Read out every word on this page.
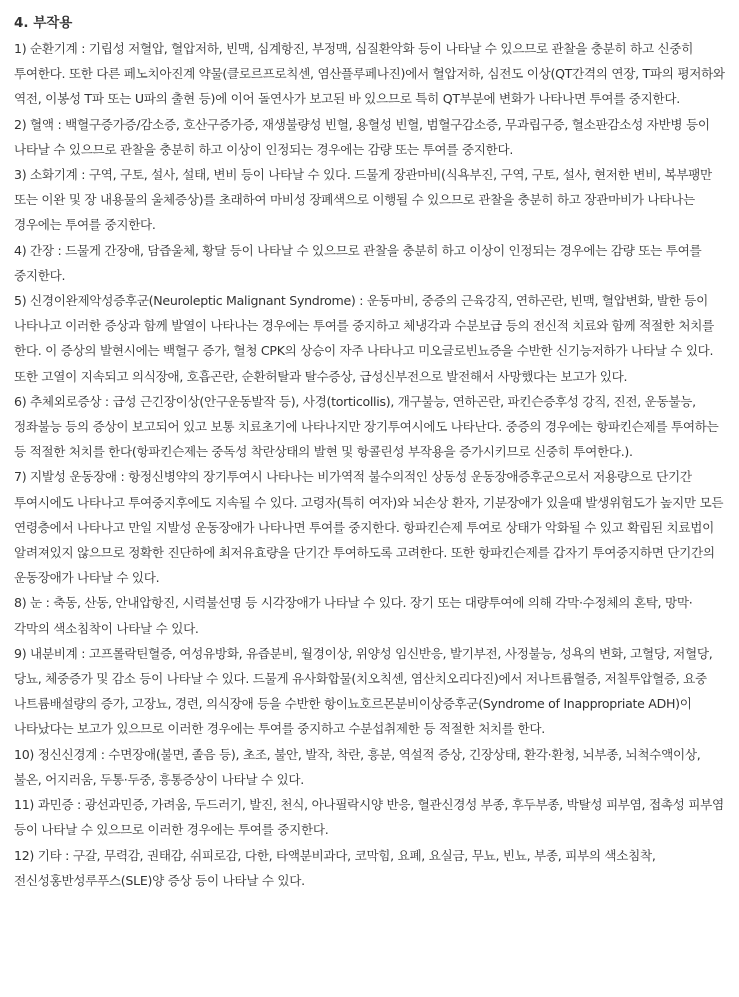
4. 부작용

1) 순환기계 : 기립성 저혈압, 혈압저하, 빈맥, 심계항진, 부정맥, 심질환악화 등이 나타날 수 있으므로 관찰을 충분히 하고 신중히 투여한다. 또한 다른 페노치아진계 약물(클로르프로칙센, 염산플루페나진)에서 혈압저하, 심전도 이상(QT간격의 연장, T파의 평저하와 역전, 이봉성 T파 또는 U파의 출현 등)에 이어 돌연사가 보고된 바 있으므로 특히 QT부분에 변화가 나타나면 투여를 중지한다.

2) 혈액 : 백혈구증가증/감소증, 호산구증가증, 재생불량성 빈혈, 용혈성 빈혈, 범혈구감소증, 무과립구증, 혈소판감소성 자반병 등이 나타날 수 있으므로 관찰을 충분히 하고 이상이 인정되는 경우에는 감량 또는 투여를 중지한다.

3) 소화기계 : 구역, 구토, 설사, 설태, 변비 등이 나타날 수 있다. 드물게 장관마비(식욕부진, 구역, 구토, 설사, 현저한 변비, 복부팽만 또는 이완 및 장 내용물의 울체증상)를 초래하여 마비성 장폐색으로 이행될 수 있으므로 관찰을 충분히 하고 장관마비가 나타나는 경우에는 투여를 중지한다.

4) 간장 : 드물게 간장애, 담즙울체, 황달 등이 나타날 수 있으므로 관찰을 충분히 하고 이상이 인정되는 경우에는 감량 또는 투여를 중지한다.

5) 신경이완제악성증후군(Neuroleptic Malignant Syndrome) : 운동마비, 중증의 근육강직, 연하곤란, 빈맥, 혈압변화, 발한 등이 나타나고 이러한 증상과 함께 발열이 나타나는 경우에는 투여를 중지하고 체냉각과 수분보급 등의 전신적 치료와 함께 적절한 처치를 한다. 이 증상의 발현시에는 백혈구 증가, 혈청 CPK의 상승이 자주 나타나고 미오글로빈뇨증을 수반한 신기능저하가 나타날 수 있다. 또한 고열이 지속되고 의식장애, 호흡곤란, 순환허탈과 탈수증상, 급성신부전으로 발전해서 사망했다는 보고가 있다.

6) 추체외로증상 : 급성 근긴장이상(안구운동발작 등), 사경(torticollis), 개구불능, 연하곤란, 파킨슨증후성 강직, 진전, 운동불능, 정좌불능 등의 증상이 보고되어 있고 보통 치료초기에 나타나지만 장기투여시에도 나타난다. 중증의 경우에는 항파킨슨제를 투여하는 등 적절한 처치를 한다(항파킨슨제는 중독성 착란상태의 발현 및 항콜린성 부작용을 증가시키므로 신중히 투여한다.).

7) 지발성 운동장애 : 항정신병약의 장기투여시 나타나는 비가역적 불수의적인 상동성 운동장애증후군으로서 저용량으로 단기간 투여시에도 나타나고 투여중지후에도 지속될 수 있다. 고령자(특히 여자)와 뇌손상 환자, 기분장애가 있을때 발생위험도가 높지만 모든 연령층에서 나타나고 만일 지발성 운동장애가 나타나면 투여를 중지한다. 항파킨슨제 투여로 상태가 악화될 수 있고 확립된 치료법이 알려져있지 않으므로 정확한 진단하에 최저유효량을 단기간 투여하도록 고려한다. 또한 항파킨슨제를 갑자기 투여중지하면 단기간의 운동장애가 나타날 수 있다.

8) 눈 : 축동, 산동, 안내압항진, 시력불선명 등 시각장애가 나타날 수 있다. 장기 또는 대량투여에 의해 각막·수정체의 혼탁, 망막·각막의 색소침착이 나타날 수 있다.

9) 내분비계 : 고프롤락틴혈증, 여성유방화, 유즙분비, 월경이상, 위양성 임신반응, 발기부전, 사정불능, 성욕의 변화, 고혈당, 저혈당, 당뇨, 체중증가 및 감소 등이 나타날 수 있다. 드물게 유사화합물(치오칙센, 염산치오리다진)에서 저나트륨혈증, 저칠투압혈증, 요중 나트륨배설량의 증가, 고장뇨, 경련, 의식장애 등을 수반한 항이뇨호르몬분비이상증후군(Syndrome of Inappropriate ADH)이 나타났다는 보고가 있으므로 이러한 경우에는 투여를 중지하고 수분섭취제한 등 적절한 처치를 한다.

10) 정신신경계 : 수면장애(불면, 졸음 등), 초조, 불안, 발작, 착란, 흥분, 역설적 증상, 긴장상태, 환각·환청, 뇌부종, 뇌척수액이상, 불온, 어지러움, 두통·두중, 흥통증상이 나타날 수 있다.

11) 과민증 : 광선과민증, 가려움, 두드러기, 발진, 천식, 아나필락시양 반응, 혈관신경성 부종, 후두부종, 박탈성 피부염, 접촉성 피부염 등이 나타날 수 있으므로 이러한 경우에는 투여를 중지한다.

12) 기타 : 구갈, 무력감, 권태감, 쉬피로감, 다한, 타액분비과다, 코막힘, 요폐, 요실금, 무뇨, 빈뇨, 부종, 피부의 색소침착, 전신성홍반성루푸스(SLE)양 증상 등이 나타날 수 있다.
